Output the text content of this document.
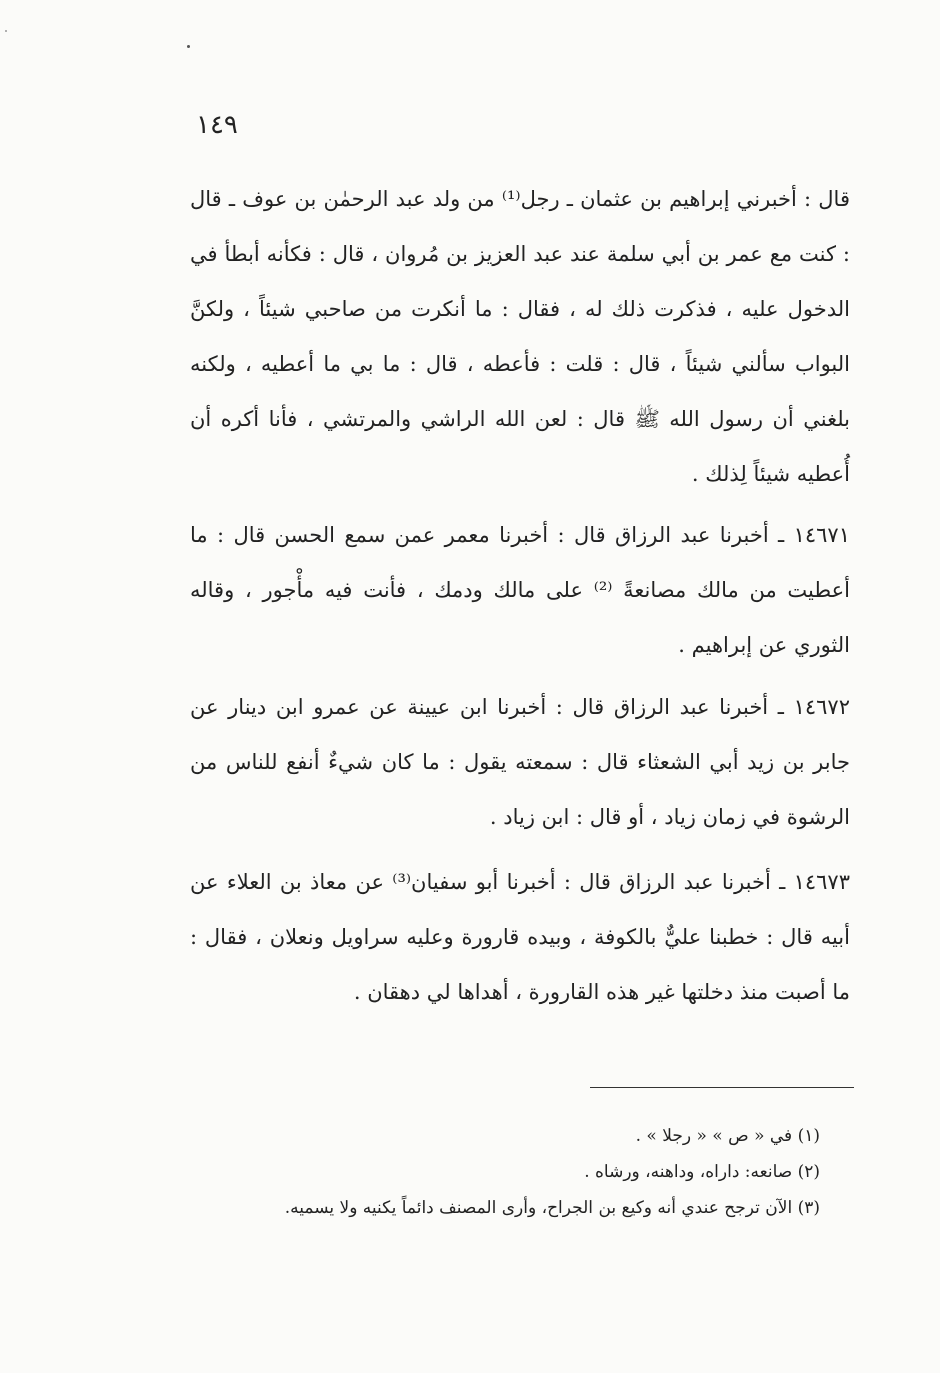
١٤٩

قال : أخبرني إبراهيم بن عثمان ـ رجل⁽¹⁾ من ولد عبد الرحمٰن بن عوف ـ قال : كنت مع عمر بن أبي سلمة عند عبد العزيز بن مُروان ، قال : فكأنه أبطأ في الدخول عليه ، فذكرت ذلك له ، فقال : ما أنكرت من صاحبي شيئاً ، ولكنَّ البواب سألني شيئاً ، قال : قلت : فأعطه ، قال : ما بي ما أعطيه ، ولكنه بلغني أن رسول الله ﷺ قال : لعن الله الراشي والمرتشي ، فأنا أكره أن أُعطيه شيئاً لِذلك .

١٤٦٧١ ـ أخبرنا عبد الرزاق قال : أخبرنا معمر عمن سمع الحسن قال : ما أعطيت من مالك مصانعةً ⁽²⁾ على مالك ودمك ، فأنت فيه مأْجور ، وقاله الثوري عن إبراهيم .

١٤٦٧٢ ـ أخبرنا عبد الرزاق قال : أخبرنا ابن عيينة عن عمرو ابن دينار عن جابر بن زيد أبي الشعثاء قال : سمعته يقول : ما كان شيءٌ أنفع للناس من الرشوة في زمان زياد ، أو قال : ابن زياد .

١٤٦٧٣ ـ أخبرنا عبد الرزاق قال : أخبرنا أبو سفيان⁽³⁾ عن معاذ بن العلاء عن أبيه قال : خطبنا عليٌّ بالكوفة ، وبيده قارورة وعليه سراويل ونعلان ، فقال : ما أصبت منذ دخلتها غير هذه القارورة ، أهداها لي دهقان .

(١) في « ص » « رجلا » .

(٢) صانعه: داراه، وداهنه، ورشاه .

(٣) الآن ترجح عندي أنه وكيع بن الجراح، وأرى المصنف دائماً يكنيه ولا يسميه.
